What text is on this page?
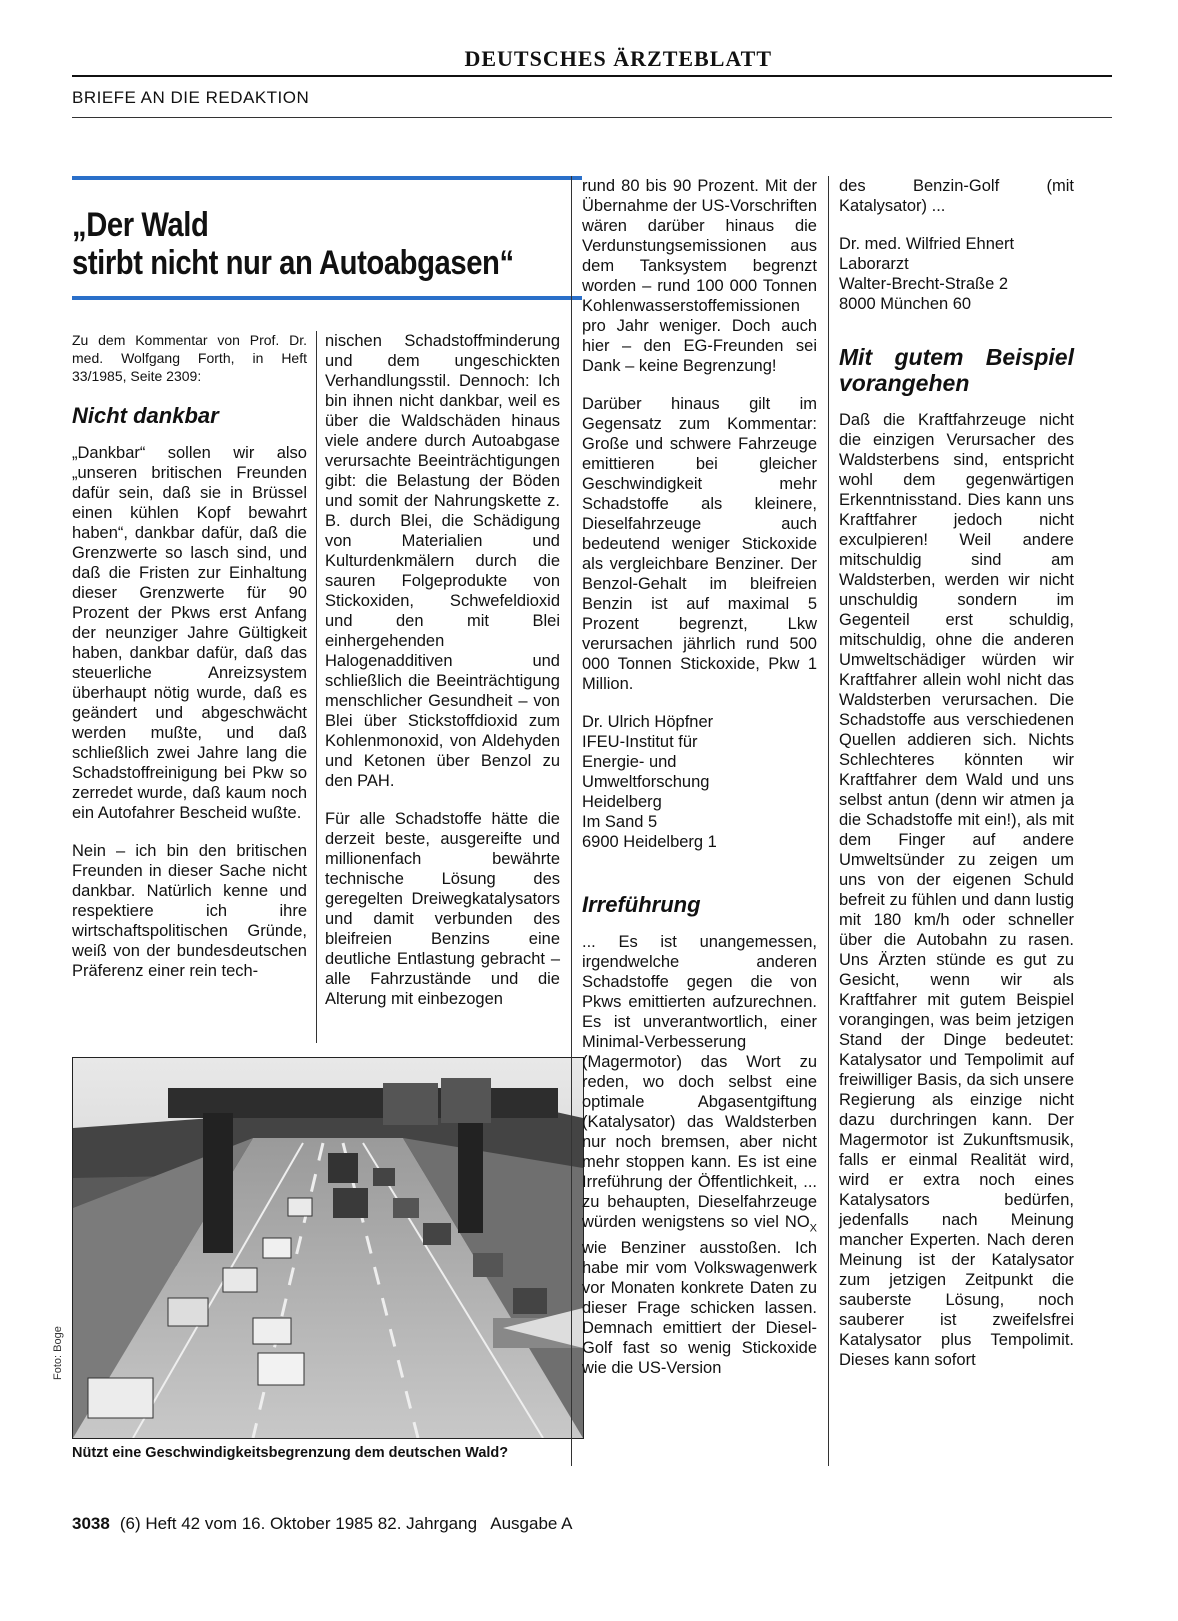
DEUTSCHES ÄRZTEBLATT
BRIEFE AN DIE REDAKTION
„Der Wald
stirbt nicht nur an Autoabgasen“

Zu dem Kommentar von Prof. Dr. med. Wolfgang Forth, in Heft 33/1985, Seite 2309:

Nicht dankbar

„Dankbar“ sollen wir also „unseren britischen Freunden dafür sein, daß sie in Brüssel einen kühlen Kopf bewahrt haben“, dankbar dafür, daß die Grenzwerte so lasch sind, und daß die Fristen zur Einhaltung dieser Grenzwerte für 90 Prozent der Pkws erst Anfang der neunziger Jahre Gültigkeit haben, dankbar dafür, daß das steuerliche Anreizsystem überhaupt nötig wurde, daß es geändert und abgeschwächt werden mußte, und daß schließlich zwei Jahre lang die Schadstoffreinigung bei Pkw so zerredet wurde, daß kaum noch ein Autofahrer Bescheid wußte.

Nein – ich bin den britischen Freunden in dieser Sache nicht dankbar. Natürlich kenne und respektiere ich ihre wirtschaftspolitischen Gründe, weiß von der bundesdeutschen Präferenz einer rein tech-

nischen Schadstoffminderung und dem ungeschickten Verhandlungsstil. Dennoch: Ich bin ihnen nicht dankbar, weil es über die Waldschäden hinaus viele andere durch Autoabgase verursachte Beeinträchtigungen gibt: die Belastung der Böden und somit der Nahrungskette z. B. durch Blei, die Schädigung von Materialien und Kulturdenkmälern durch die sauren Folgeprodukte von Stickoxiden, Schwefeldioxid und den mit Blei einhergehenden Halogenadditiven und schließlich die Beeinträchtigung menschlicher Gesundheit – von Blei über Stickstoffdioxid zum Kohlenmonoxid, von Aldehyden und Ketonen über Benzol zu den PAH.

Für alle Schadstoffe hätte die derzeit beste, ausgereifte und millionenfach bewährte technische Lösung des geregelten Dreiwegkatalysators und damit verbunden des bleifreien Benzins eine deutliche Entlastung gebracht – alle Fahrzustände und die Alterung mit einbezogen

Foto: Boge
Nützt eine Geschwindigkeitsbegrenzung dem deutschen Wald?

rund 80 bis 90 Prozent. Mit der Übernahme der US-Vorschriften wären darüber hinaus die Verdunstungsemissionen aus dem Tanksystem begrenzt worden – rund 100 000 Tonnen Kohlenwasserstoffemissionen pro Jahr weniger. Doch auch hier – den EG-Freunden sei Dank – keine Begrenzung!

Darüber hinaus gilt im Gegensatz zum Kommentar: Große und schwere Fahrzeuge emittieren bei gleicher Geschwindigkeit mehr Schadstoffe als kleinere, Dieselfahrzeuge auch bedeutend weniger Stickoxide als vergleichbare Benziner. Der Benzol-Gehalt im bleifreien Benzin ist auf maximal 5 Prozent begrenzt, Lkw verursachen jährlich rund 500 000 Tonnen Stickoxide, Pkw 1 Million.

Dr. Ulrich Höpfner
IFEU-Institut für
Energie- und
Umweltforschung
Heidelberg
Im Sand 5
6900 Heidelberg 1
Irreführung

... Es ist unangemessen, irgendwelche anderen Schadstoffe gegen die von Pkws emittierten aufzurechnen. Es ist unverantwortlich, einer Minimal-Verbesserung (Magermotor) das Wort zu reden, wo doch selbst eine optimale Abgasentgiftung (Katalysator) das Waldsterben nur noch bremsen, aber nicht mehr stoppen kann. Es ist eine Irreführung der Öffentlichkeit, ... zu behaupten, Dieselfahrzeuge würden wenigstens so viel $NO_X$ wie Benziner ausstoßen. Ich habe mir vom Volkswagenwerk vor Monaten konkrete Daten zu dieser Frage schicken lassen. Demnach emittiert der Diesel-Golf fast so wenig Stickoxide wie die US-Version

des Benzin-Golf (mit Katalysator) ...

Dr. med. Wilfried Ehnert
Laborarzt
Walter-Brecht-Straße 2
8000 München 60
Mit gutem Beispiel vorangehen

Daß die Kraftfahrzeuge nicht die einzigen Verursacher des Waldsterbens sind, entspricht wohl dem gegenwärtigen Erkenntnisstand. Dies kann uns Kraftfahrer jedoch nicht exculpieren! Weil andere mitschuldig sind am Waldsterben, werden wir nicht unschuldig sondern im Gegenteil erst schuldig, mitschuldig, ohne die anderen Umweltschädiger würden wir Kraftfahrer allein wohl nicht das Waldsterben verursachen. Die Schadstoffe aus verschiedenen Quellen addieren sich. Nichts Schlechteres könnten wir Kraftfahrer dem Wald und uns selbst antun (denn wir atmen ja die Schadstoffe mit ein!), als mit dem Finger auf andere Umweltsünder zu zeigen um uns von der eigenen Schuld befreit zu fühlen und dann lustig mit 180 km/h oder schneller über die Autobahn zu rasen. Uns Ärzten stünde es gut zu Gesicht, wenn wir als Kraftfahrer mit gutem Beispiel vorangingen, was beim jetzigen Stand der Dinge bedeutet: Katalysator und Tempolimit auf freiwilliger Basis, da sich unsere Regierung als einzige nicht dazu durchringen kann. Der Magermotor ist Zukunftsmusik, falls er einmal Realität wird, wird er extra noch eines Katalysators bedürfen, jedenfalls nach Meinung mancher Experten. Nach deren Meinung ist der Katalysator zum jetzigen Zeitpunkt die sauberste Lösung, noch sauberer ist zweifelsfrei Katalysator plus Tempolimit. Dieses kann sofort

3038 (6) Heft 42 vom 16. Oktober 1985 82. Jahrgang   Ausgabe A
